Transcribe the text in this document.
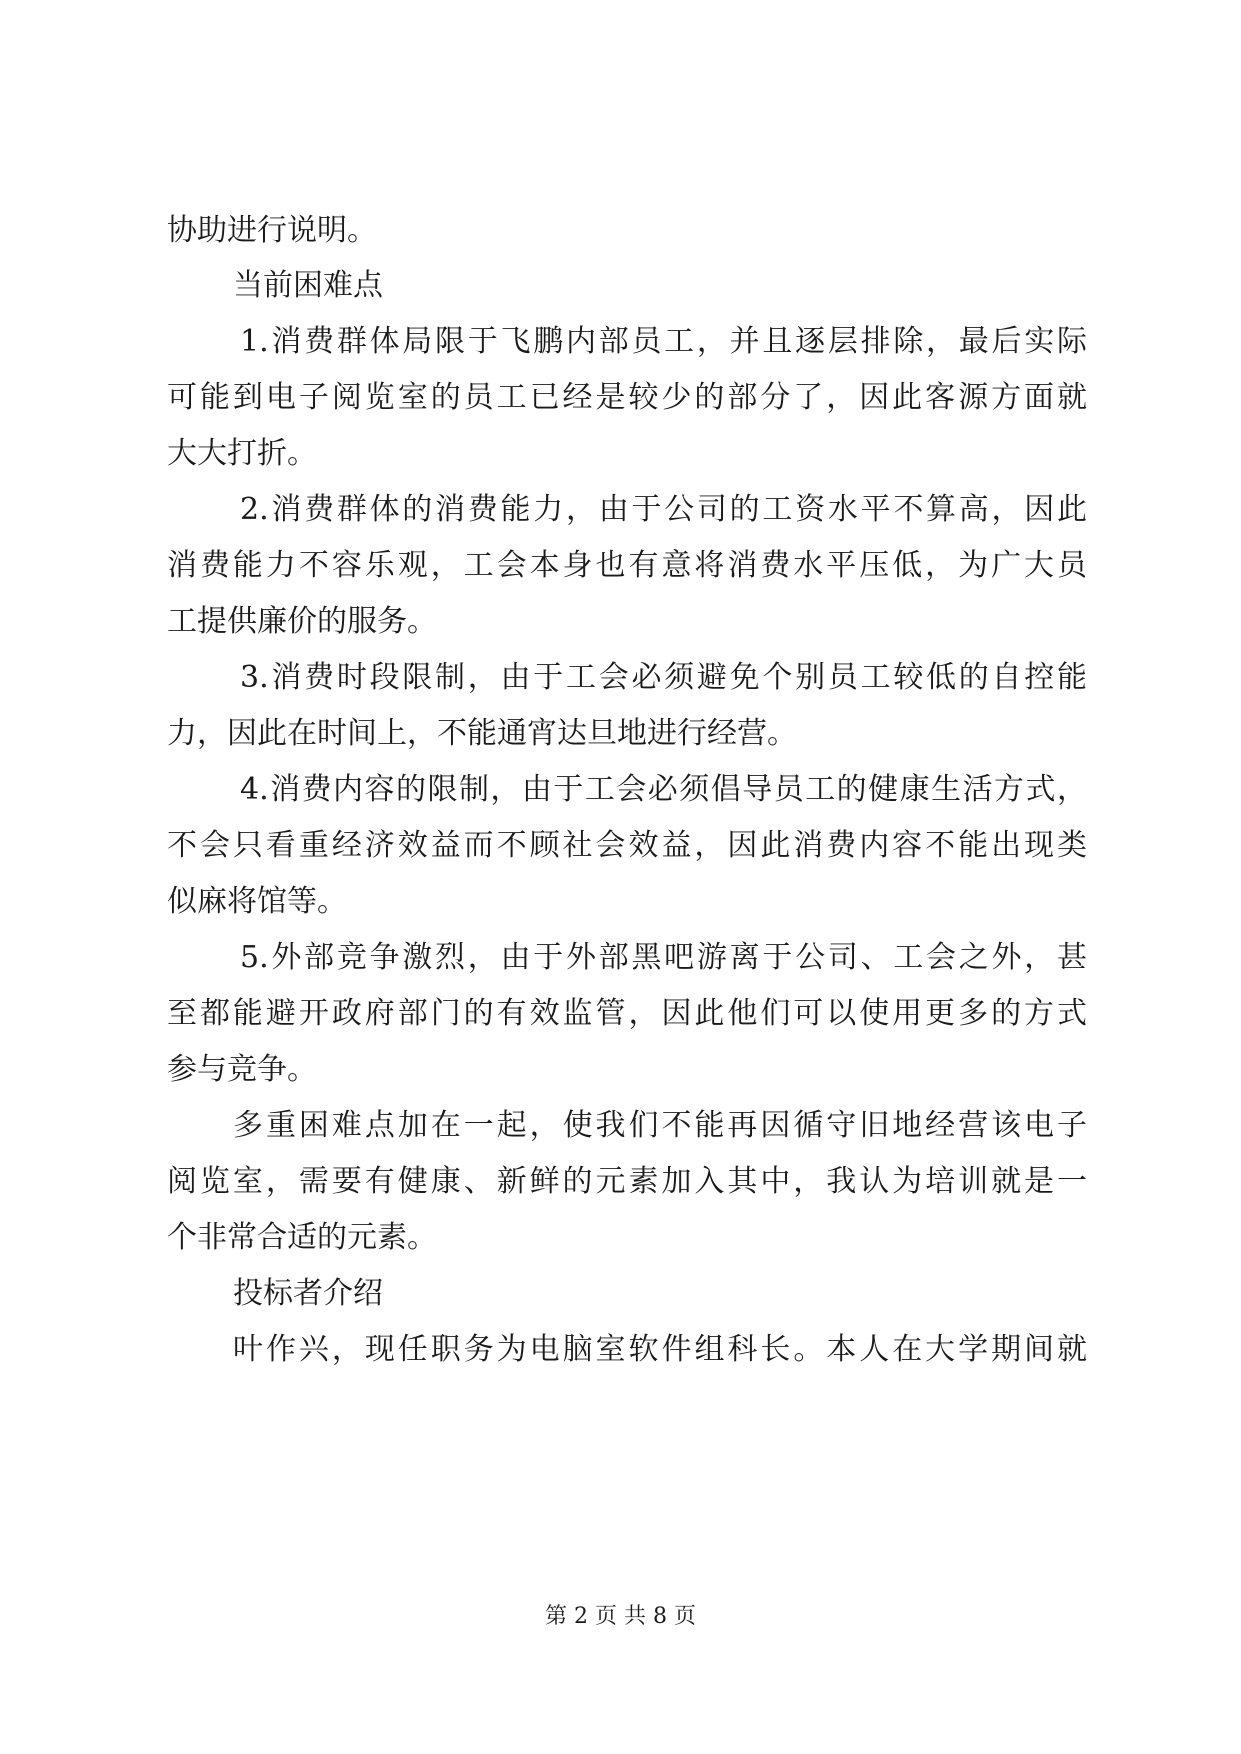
协助进行说明。
当前困难点
1.消费群体局限于飞鹏内部员工，并且逐层排除，最后实际
可能到电子阅览室的员工已经是较少的部分了，因此客源方面就
大大打折。
2.消费群体的消费能力，由于公司的工资水平不算高，因此
消费能力不容乐观，工会本身也有意将消费水平压低，为广大员
工提供廉价的服务。
3.消费时段限制，由于工会必须避免个别员工较低的自控能
力，因此在时间上，不能通宵达旦地进行经营。
4.消费内容的限制，由于工会必须倡导员工的健康生活方式，
不会只看重经济效益而不顾社会效益，因此消费内容不能出现类
似麻将馆等。
5.外部竞争激烈，由于外部黑吧游离于公司、工会之外，甚
至都能避开政府部门的有效监管，因此他们可以使用更多的方式
参与竞争。
多重困难点加在一起，使我们不能再因循守旧地经营该电子
阅览室，需要有健康、新鲜的元素加入其中，我认为培训就是一
个非常合适的元素。
投标者介绍
叶作兴，现任职务为电脑室软件组科长。本人在大学期间就
第 2 页 共 8 页
